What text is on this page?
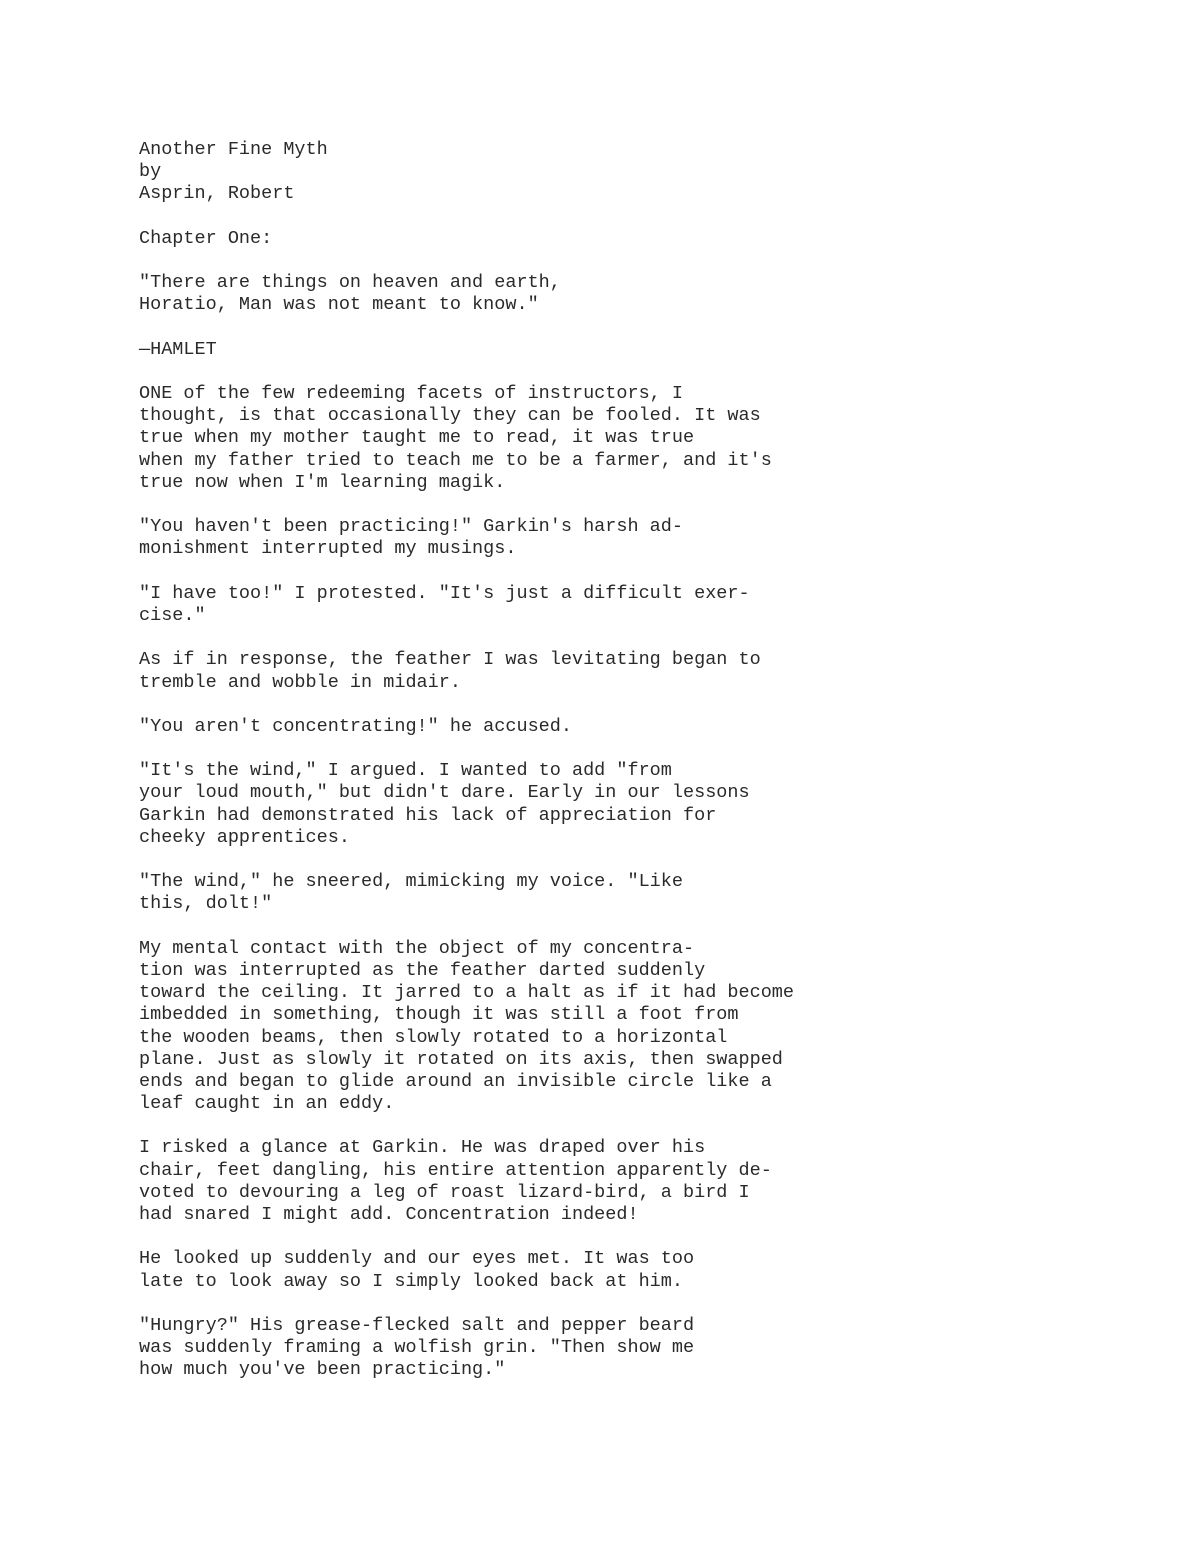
Another Fine Myth
by
Asprin, Robert
Chapter One:
"There are things on heaven and earth,
Horatio, Man was not meant to know."
—HAMLET
ONE of the few redeeming facets of instructors, I
thought, is that occasionally they can be fooled. It was
true when my mother taught me to read, it was true
when my father tried to teach me to be a farmer, and it's
true now when I'm learning magik.
"You haven't been practicing!" Garkin's harsh ad-
monishment interrupted my musings.
"I have too!" I protested. "It's just a difficult exer-
cise."
As if in response, the feather I was levitating began to
tremble and wobble in midair.
"You aren't concentrating!" he accused.
"It's the wind," I argued. I wanted to add "from
your loud mouth," but didn't dare. Early in our lessons
Garkin had demonstrated his lack of appreciation for
cheeky apprentices.
"The wind," he sneered, mimicking my voice. "Like
this, dolt!"
My mental contact with the object of my concentra-
tion was interrupted as the feather darted suddenly
toward the ceiling. It jarred to a halt as if it had become
imbedded in something, though it was still a foot from
the wooden beams, then slowly rotated to a horizontal
plane. Just as slowly it rotated on its axis, then swapped
ends and began to glide around an invisible circle like a
leaf caught in an eddy.
I risked a glance at Garkin. He was draped over his
chair, feet dangling, his entire attention apparently de-
voted to devouring a leg of roast lizard-bird, a bird I
had snared I might add. Concentration indeed!
He looked up suddenly and our eyes met. It was too
late to look away so I simply looked back at him.
"Hungry?" His grease-flecked salt and pepper beard
was suddenly framing a wolfish grin. "Then show me
how much you've been practicing."
